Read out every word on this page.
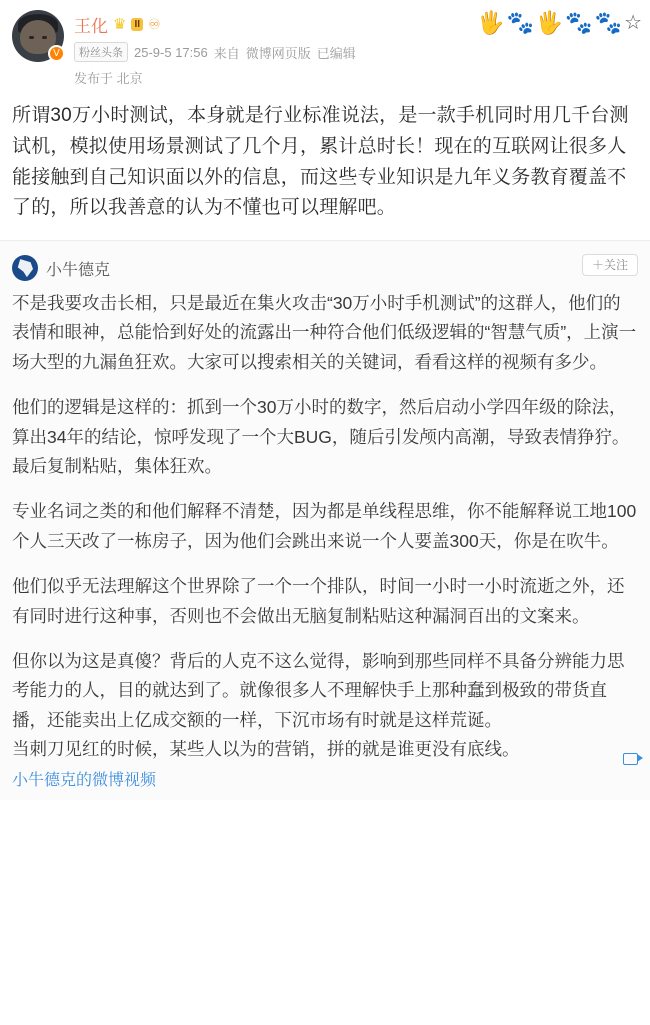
V
王化 ♛ II ♾
粉丝头条 25-9-5 17:56 来自 微博网页版 已编辑
发布于 北京
🖐 🐾 🖐 🐾 🐾 ☆
所谓30万小时测试，本身就是行业标准说法，是一款手机同时用几千台测试机，模拟使用场景测试了几个月，累计总时长！现在的互联网让很多人能接触到自己知识面以外的信息，而这些专业知识是九年义务教育覆盖不了的，所以我善意的认为不懂也可以理解吧。
小牛德克	＋关注

不是我要攻击长相，只是最近在集火攻击“30万小时手机测试”的这群人，他们的表情和眼神，总能恰到好处的流露出一种符合他们低级逻辑的“智慧气质”，上演一场大型的九漏鱼狂欢。大家可以搜索相关的关键词，看看这样的视频有多少。

他们的逻辑是这样的：抓到一个30万小时的数字，然后启动小学四年级的除法，算出34年的结论，惊呼发现了一个大BUG，随后引发颅内高潮，导致表情狰狞。最后复制粘贴，集体狂欢。

专业名词之类的和他们解释不清楚，因为都是单线程思维，你不能解释说工地100个人三天改了一栋房子，因为他们会跳出来说一个人要盖300天，你是在吹牛。

他们似乎无法理解这个世界除了一个一个排队，时间一小时一小时流逝之外，还有同时进行这种事，否则也不会做出无脑复制粘贴这种漏洞百出的文案来。

但你以为这是真傻？背后的人克不这么觉得，影响到那些同样不具备分辨能力思考能力的人，目的就达到了。就像很多人不理解快手上那种蠢到极致的带货直播，还能卖出上亿成交额的一样，下沉市场有时就是这样荒诞。

当刺刀见红的时候，某些人以为的营销，拼的就是谁更没有底线。

小牛德克的微博视频
